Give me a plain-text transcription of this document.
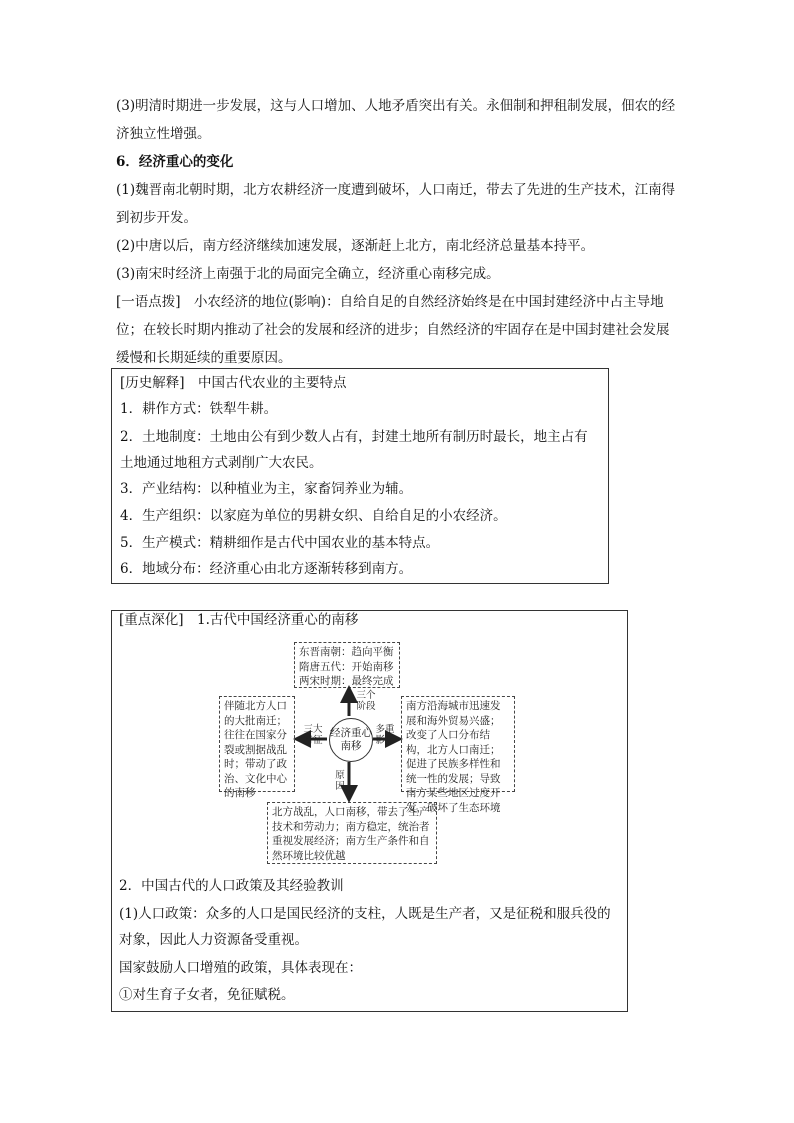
(3)明清时期进一步发展，这与人口增加、人地矛盾突出有关。永佃制和押租制发展，佃农的经济独立性增强。

6．经济重心的变化

(1)魏晋南北朝时期，北方农耕经济一度遭到破坏，人口南迁，带去了先进的生产技术，江南得到初步开发。

(2)中唐以后，南方经济继续加速发展，逐渐赶上北方，南北经济总量基本持平。

(3)南宋时经济上南强于北的局面完全确立，经济重心南移完成。

[一语点拨]　小农经济的地位(影响)：自给自足的自然经济始终是在中国封建经济中占主导地位；在较长时期内推动了社会的发展和经济的进步；自然经济的牢固存在是中国封建社会发展缓慢和长期延续的重要原因。

[历史解释]　中国古代农业的主要特点
1．耕作方式：铁犁牛耕。
2．土地制度：土地由公有到少数人占有，封建土地所有制历时最长，地主占有
土地通过地租方式剥削广大农民。
3．产业结构：以种植业为主，家畜饲养业为辅。
4．生产组织：以家庭为单位的男耕女织、自给自足的小农经济。
5．生产模式：精耕细作是古代中国农业的基本特点。
6．地域分布：经济重心由北方逐渐转移到南方。
[重点深化]　1.古代中国经济重心的南移
东晋南朝：趋向平衡
隋唐五代：开始南移
两宋时期：最终完成
伴随北方人口的大批南迁；往往在国家分裂或割据战乱时；带动了政治、文化中心的南移
南方沿海城市迅速发展和海外贸易兴盛；改变了人口分布结构，北方人口南迁；促进了民族多样性和统一性的发展；导致南方某些地区过度开发，破坏了生态环境
北方战乱，人口南移，带去了生产技术和劳动力；南方稳定，统治者重视发展经济；南方生产条件和自然环境比较优越
经济重心南移
三个
阶段
三大
特征
多重
影响
原
因
2．中国古代的人口政策及其经验教训
(1)人口政策：众多的人口是国民经济的支柱，人既是生产者，又是征税和服兵役的
对象，因此人力资源备受重视。
国家鼓励人口增殖的政策，具体表现在：
①对生育子女者，免征赋税。
